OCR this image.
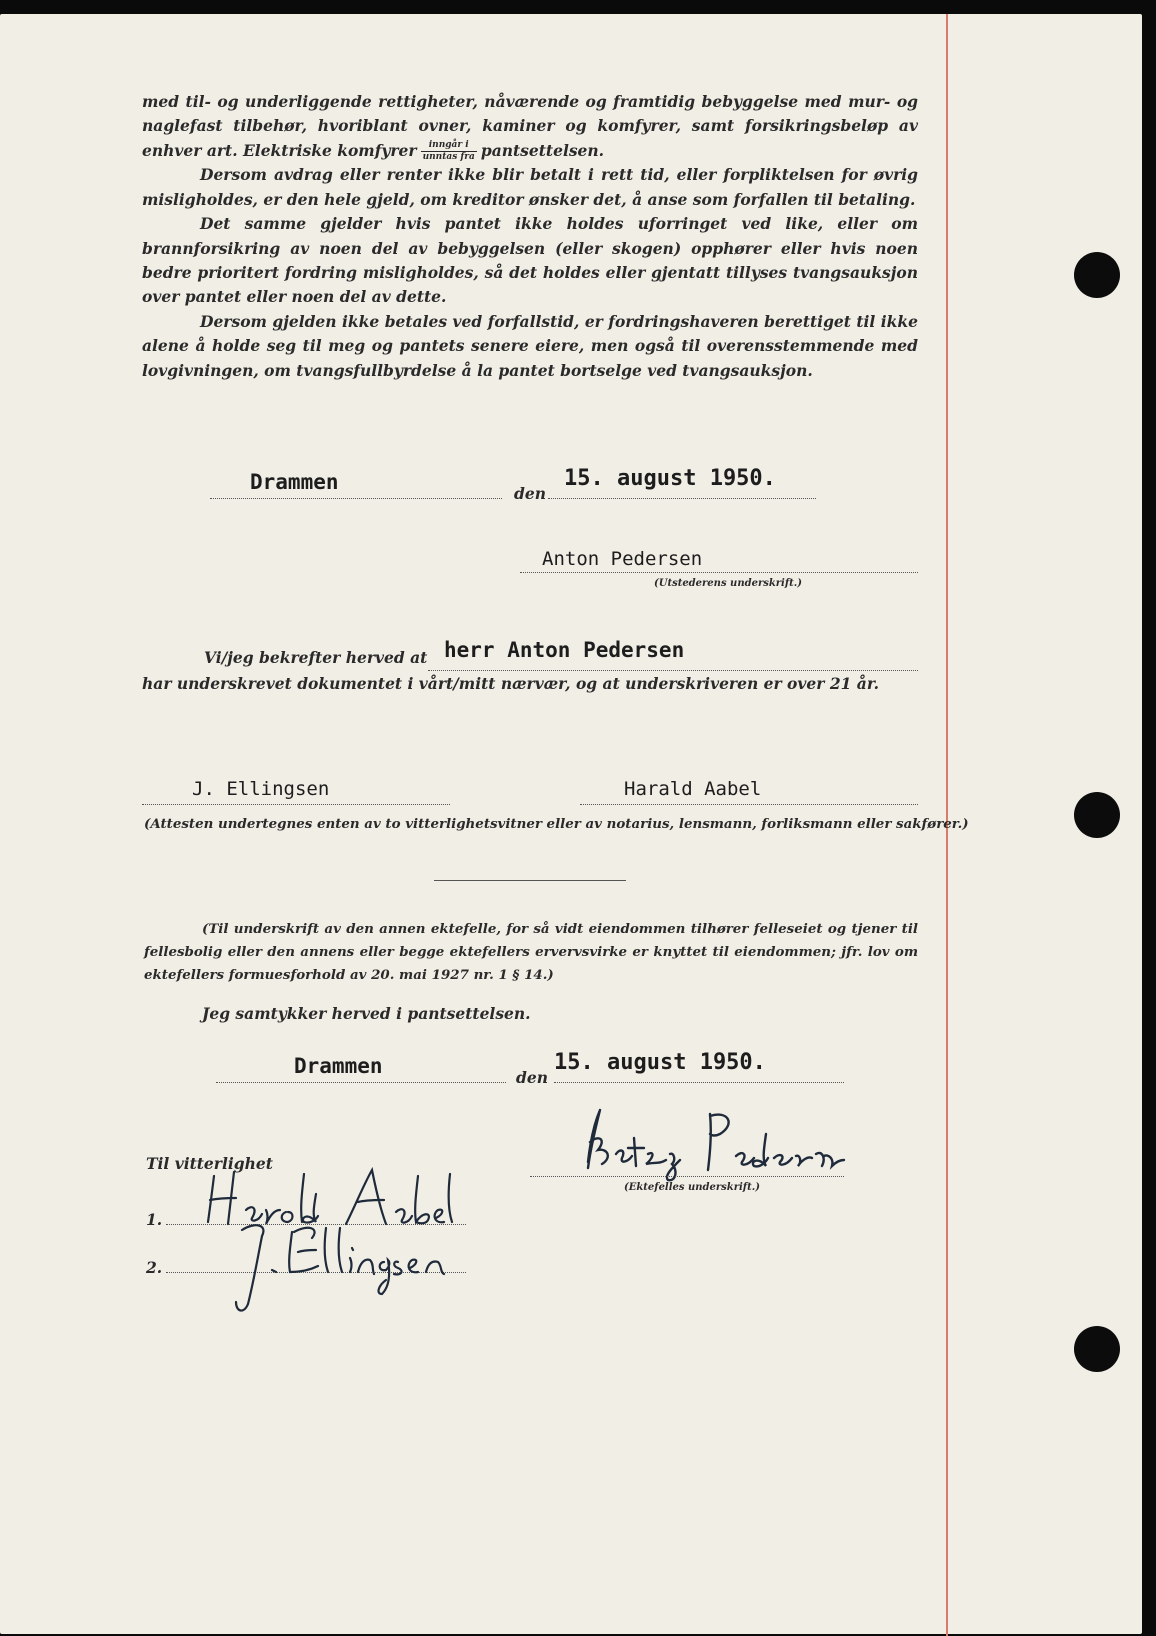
med til- og underliggende rettigheter, nåværende og framtidig bebyggelse med mur- og naglefast tilbehør, hvoriblant ovner, kaminer og komfyrer, samt forsikringsbeløp av enhver art. Elektriske komfyrer $\frac{\text{inngår i}}{\text{unntas fra}}$ pantsettelsen.

Dersom avdrag eller renter ikke blir betalt i rett tid, eller forpliktelsen for øvrig misligholdes, er den hele gjeld, om kreditor ønsker det, å anse som forfallen til betaling.

Det samme gjelder hvis pantet ikke holdes uforringet ved like, eller om brannforsikring av noen del av bebyggelsen (eller skogen) opphører eller hvis noen bedre prioritert fordring misligholdes, så det holdes eller gjentatt tillyses tvangsauksjon over pantet eller noen del av dette.

Dersom gjelden ikke betales ved forfallstid, er fordringshaveren berettiget til ikke alene å holde seg til meg og pantets senere eiere, men også til overensstemmende med lovgivningen, om tvangsfullbyrdelse å la pantet bortselge ved tvangsauksjon.

Drammen	den
15. august 1950.
Anton Pedersen
(Utstederens underskrift.)
Vi/jeg bekrefter herved at herr Anton Pedersen
har underskrevet dokumentet i vårt/mitt nærvær, og at underskriveren er over 21 år.
J. Ellingsen	Harald Aabel
(Attesten undertegnes enten av to vitterlighetsvitner eller av notarius, lensmann, forliksmann eller sakfører.)
(Til underskrift av den annen ektefelle, for så vidt eiendommen tilhører felleseiet og tjener til fellesbolig eller den annens eller begge ektefellers ervervsvirke er knyttet til eiendommen; jfr. lov om ektefellers formuesforhold av 20. mai 1927 nr. 1 § 14.)
Jeg samtykker herved i pantsettelsen.
Drammen	den
15. august 1950.
(Ektefelles underskrift.)
Til vitterlighet
1.
2.
